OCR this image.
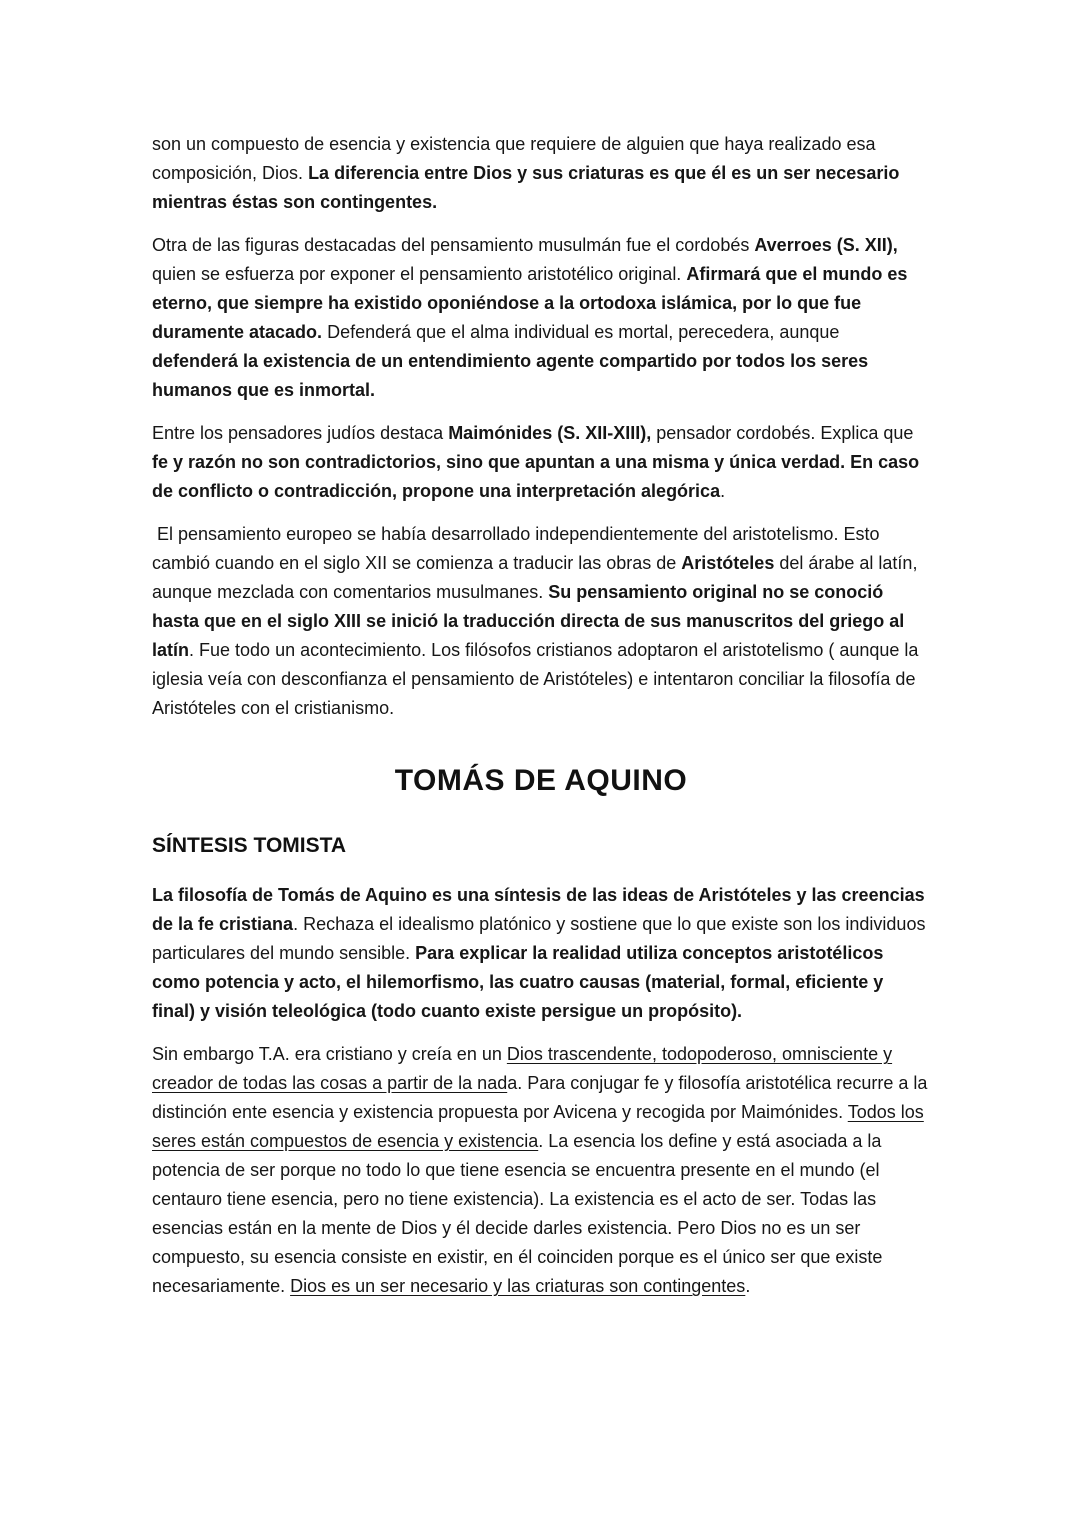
son un compuesto de esencia y existencia que requiere de alguien que haya realizado esa composición, Dios. La diferencia entre Dios y sus criaturas es que él es un ser necesario mientras éstas son contingentes.

Otra de las figuras destacadas del pensamiento musulmán fue el cordobés Averroes (S. XII), quien se esfuerza por exponer el pensamiento aristotélico original. Afirmará que el mundo es eterno, que siempre ha existido oponiéndose a la ortodoxa islámica, por lo que fue duramente atacado. Defenderá que el alma individual es mortal, perecedera, aunque defenderá la existencia de un entendimiento agente compartido por todos los seres humanos que es inmortal.

Entre los pensadores judíos destaca Maimónides (S. XII-XIII), pensador cordobés. Explica que fe y razón no son contradictorios, sino que apuntan a una misma y única verdad. En caso de conflicto o contradicción, propone una interpretación alegórica.

El pensamiento europeo se había desarrollado independientemente del aristotelismo. Esto cambió cuando en el siglo XII se comienza a traducir las obras de Aristóteles del árabe al latín, aunque mezclada con comentarios musulmanes. Su pensamiento original no se conoció hasta que en el siglo XIII se inició la traducción directa de sus manuscritos del griego al latín. Fue todo un acontecimiento. Los filósofos cristianos adoptaron el aristotelismo ( aunque la iglesia veía con desconfianza el pensamiento de Aristóteles) e intentaron conciliar la filosofía de Aristóteles con el cristianismo.

TOMÁS DE AQUINO
SÍNTESIS TOMISTA

La filosofía de Tomás de Aquino es una síntesis de las ideas de Aristóteles y las creencias de la fe cristiana. Rechaza el idealismo platónico y sostiene que lo que existe son los individuos particulares del mundo sensible. Para explicar la realidad utiliza conceptos aristotélicos como potencia y acto, el hilemorfismo, las cuatro causas (material, formal, eficiente y final) y visión teleológica (todo cuanto existe persigue un propósito).

Sin embargo T.A. era cristiano y creía en un Dios trascendente, todopoderoso, omnisciente y creador de todas las cosas a partir de la nada. Para conjugar fe y filosofía aristotélica recurre a la distinción ente esencia y existencia propuesta por Avicena y recogida por Maimónides. Todos los seres están compuestos de esencia y existencia. La esencia los define y está asociada a la potencia de ser porque no todo lo que tiene esencia se encuentra presente en el mundo (el centauro tiene esencia, pero no tiene existencia). La existencia es el acto de ser. Todas las esencias están en la mente de Dios y él decide darles existencia. Pero Dios no es un ser compuesto, su esencia consiste en existir, en él coinciden porque es el único ser que existe necesariamente. Dios es un ser necesario y las criaturas son contingentes.
